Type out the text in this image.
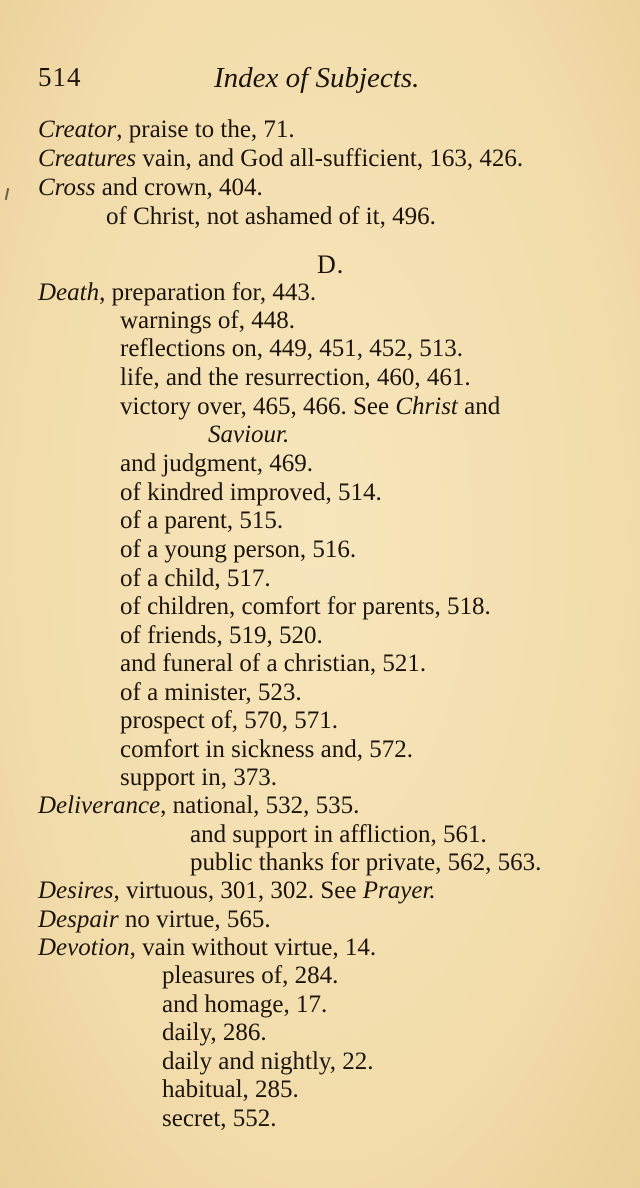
514	Index of Subjects.
Creator, praise to the, 71.
Creatures vain, and God all-sufficient, 163, 426.
Cross and crown, 404.
of Christ, not ashamed of it, 496.
D.
Death, preparation for, 443.
warnings of, 448.
reflections on, 449, 451, 452, 513.
life, and the resurrection, 460, 461.
victory over, 465, 466. See Christ and
Saviour.
and judgment, 469.
of kindred improved, 514.
of a parent, 515.
of a young person, 516.
of a child, 517.
of children, comfort for parents, 518.
of friends, 519, 520.
and funeral of a christian, 521.
of a minister, 523.
prospect of, 570, 571.
comfort in sickness and, 572.
support in, 373.
Deliverance, national, 532, 535.
and support in affliction, 561.
public thanks for private, 562, 563.
Desires, virtuous, 301, 302. See Prayer.
Despair no virtue, 565.
Devotion, vain without virtue, 14.
pleasures of, 284.
and homage, 17.
daily, 286.
daily and nightly, 22.
habitual, 285.
secret, 552.
